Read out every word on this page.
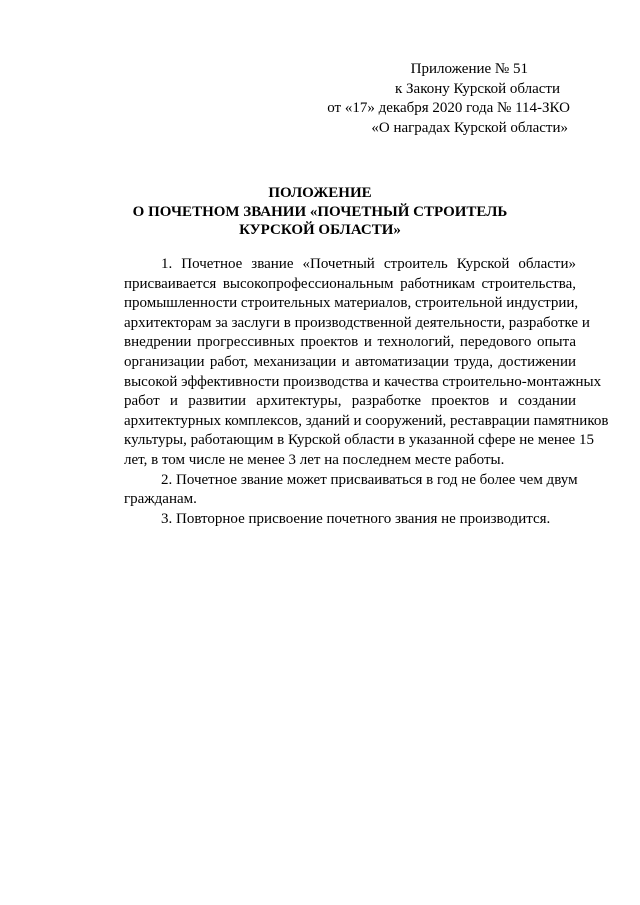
Приложение № 51
к Закону Курской области
от «17» декабря 2020 года № 114-ЗКО
«О наградах Курской области»
ПОЛОЖЕНИЕ
О ПОЧЕТНОМ ЗВАНИИ «ПОЧЕТНЫЙ СТРОИТЕЛЬ
КУРСКОЙ ОБЛАСТИ»
1. Почетное звание «Почетный строитель Курской области»
присваивается высокопрофессиональным работникам строительства,
промышленности строительных материалов, строительной индустрии,
архитекторам за заслуги в производственной деятельности, разработке и
внедрении прогрессивных проектов и технологий, передового опыта
организации работ, механизации и автоматизации труда, достижении
высокой эффективности производства и качества строительно-монтажных
работ и развитии архитектуры, разработке проектов и создании
архитектурных комплексов, зданий и сооружений, реставрации памятников
культуры, работающим в Курской области в указанной сфере не менее 15
лет, в том числе не менее 3 лет на последнем месте работы.
2. Почетное звание может присваиваться в год не более чем двум
гражданам.
3. Повторное присвоение почетного звания не производится.
